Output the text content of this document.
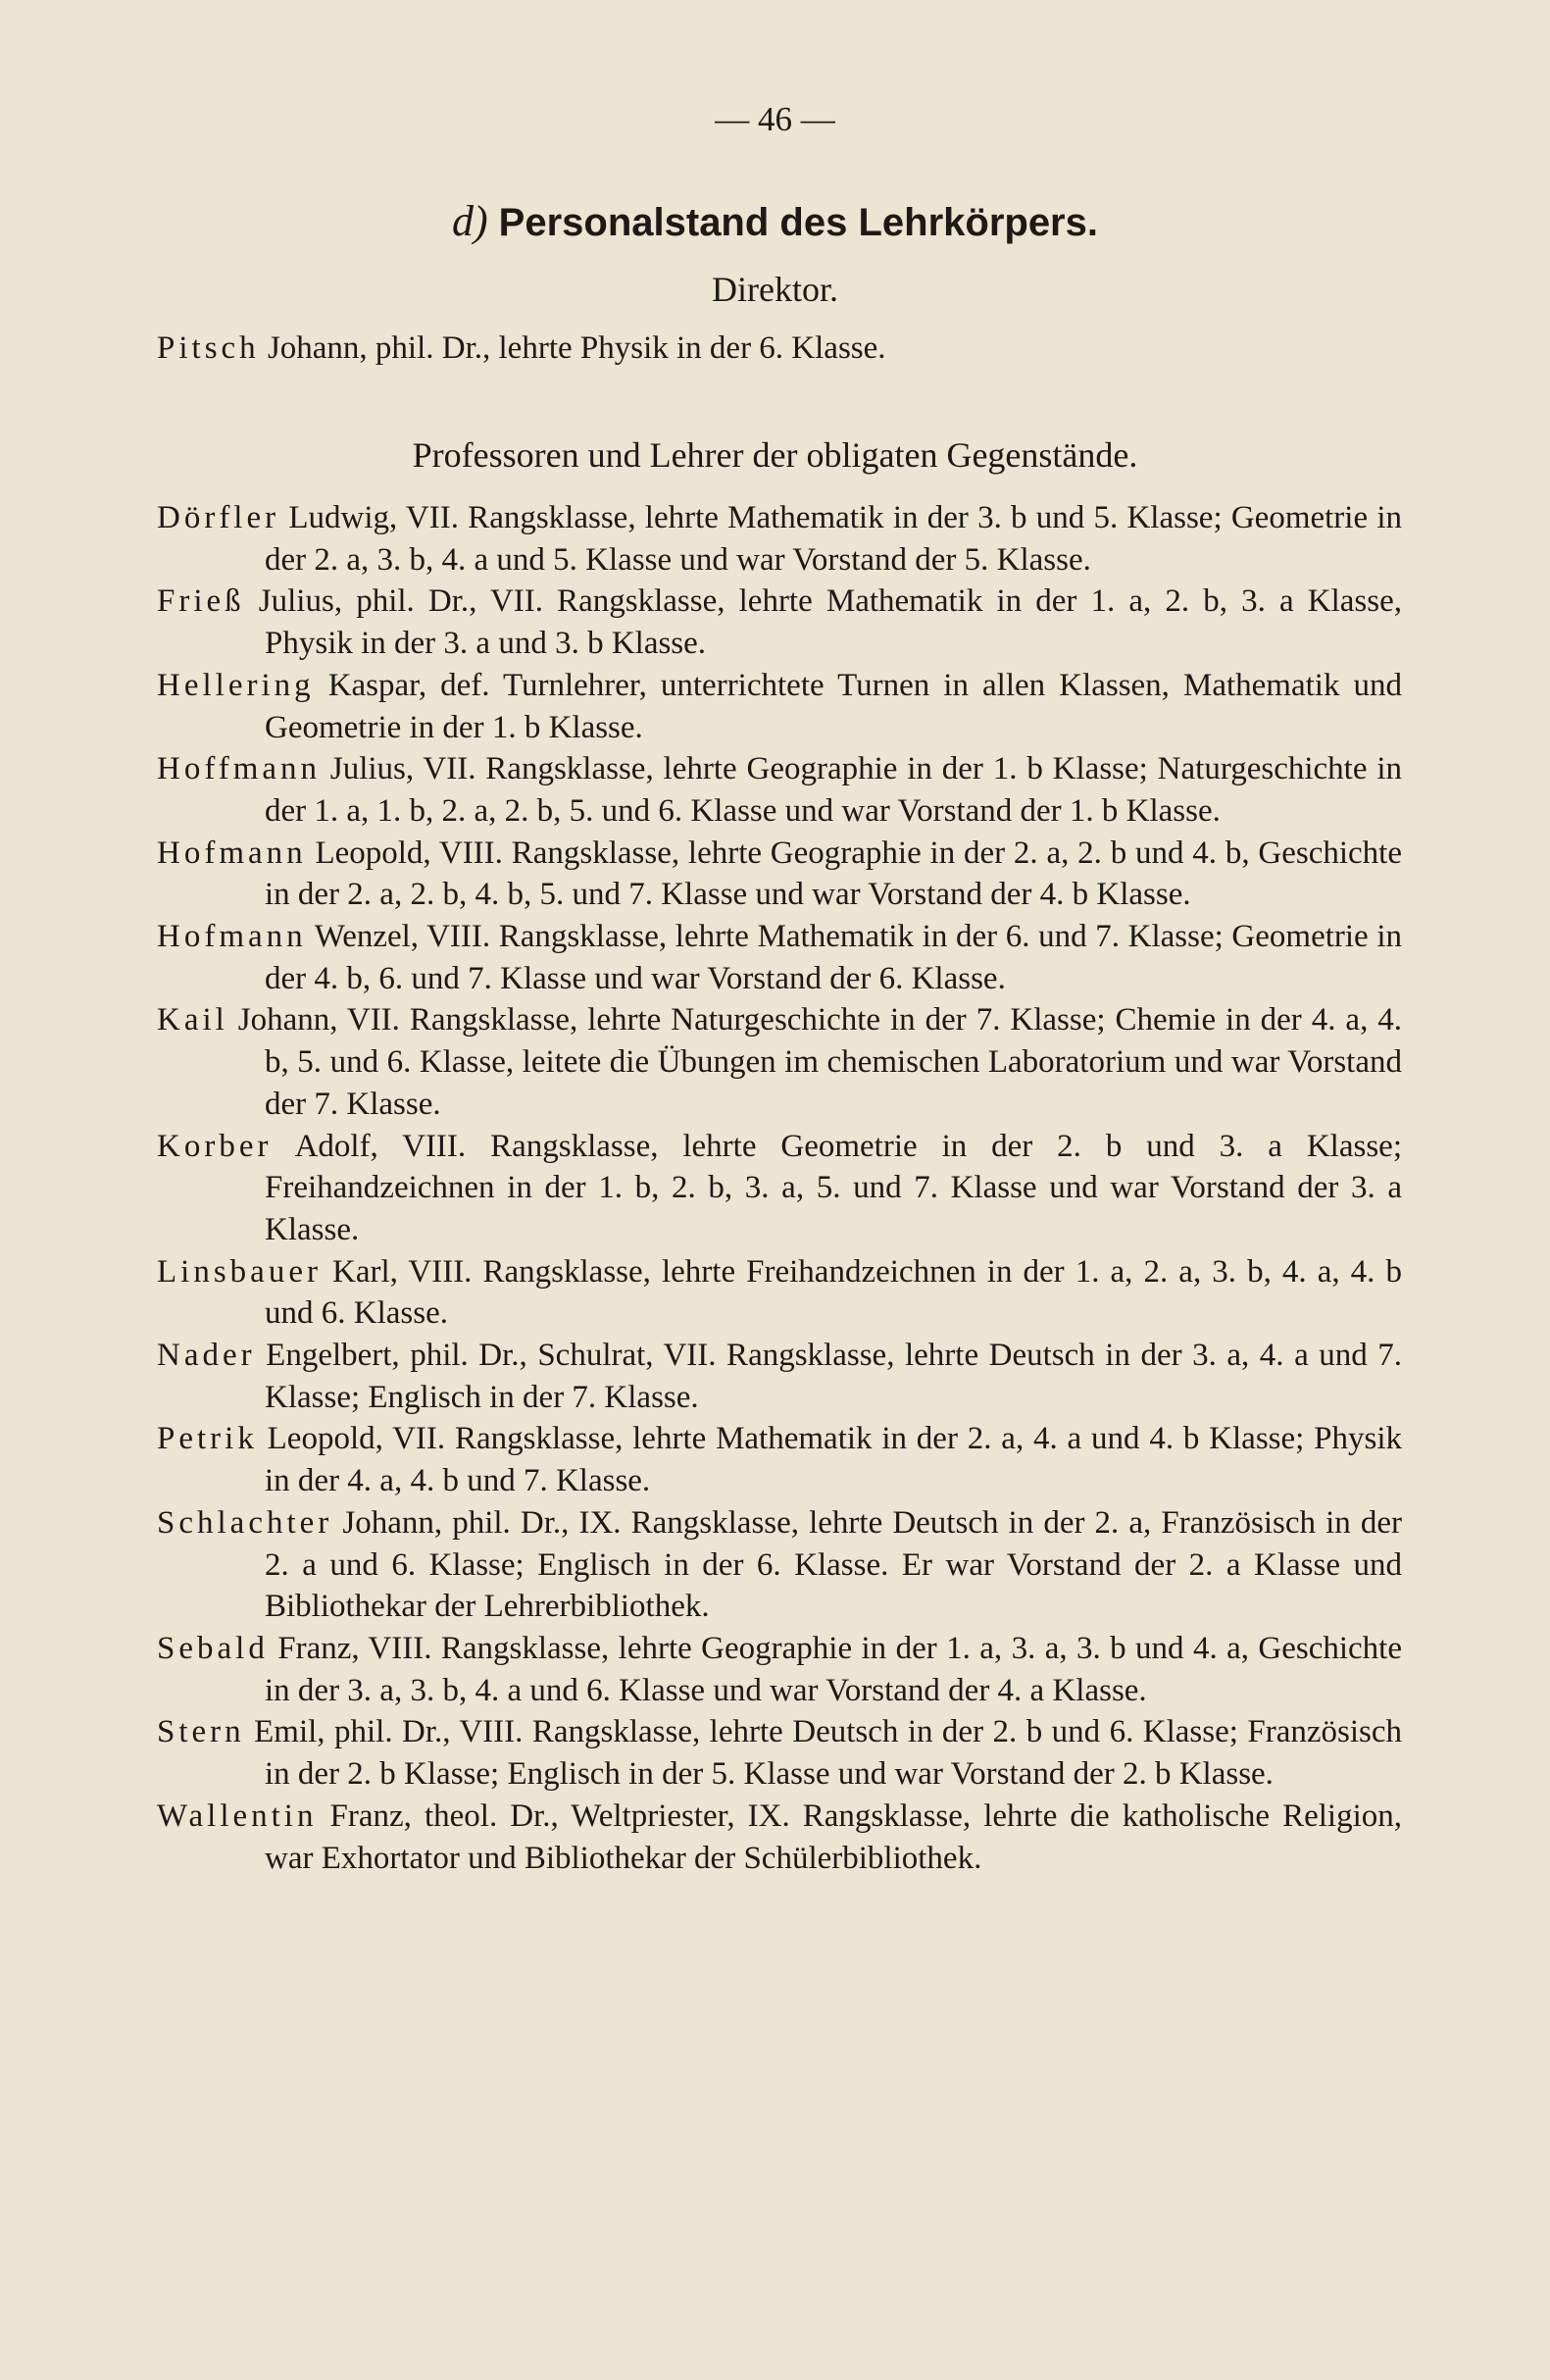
— 46 —
d) Personalstand des Lehrkörpers.
Direktor.
Pitsch Johann, phil. Dr., lehrte Physik in der 6. Klasse.
Professoren und Lehrer der obligaten Gegenstände.
Dörfler Ludwig, VII. Rangsklasse, lehrte Mathematik in der 3. b und 5. Klasse; Geometrie in der 2. a, 3. b, 4. a und 5. Klasse und war Vorstand der 5. Klasse.
Frieß Julius, phil. Dr., VII. Rangsklasse, lehrte Mathematik in der 1. a, 2. b, 3. a Klasse, Physik in der 3. a und 3. b Klasse.
Hellering Kaspar, def. Turnlehrer, unterrichtete Turnen in allen Klassen, Mathematik und Geometrie in der 1. b Klasse.
Hoffmann Julius, VII. Rangsklasse, lehrte Geographie in der 1. b Klasse; Naturgeschichte in der 1. a, 1. b, 2. a, 2. b, 5. und 6. Klasse und war Vorstand der 1. b Klasse.
Hofmann Leopold, VIII. Rangsklasse, lehrte Geographie in der 2. a, 2. b und 4. b, Geschichte in der 2. a, 2. b, 4. b, 5. und 7. Klasse und war Vorstand der 4. b Klasse.
Hofmann Wenzel, VIII. Rangsklasse, lehrte Mathematik in der 6. und 7. Klasse; Geometrie in der 4. b, 6. und 7. Klasse und war Vorstand der 6. Klasse.
Kail Johann, VII. Rangsklasse, lehrte Naturgeschichte in der 7. Klasse; Chemie in der 4. a, 4. b, 5. und 6. Klasse, leitete die Übungen im chemischen Laboratorium und war Vorstand der 7. Klasse.
Korber Adolf, VIII. Rangsklasse, lehrte Geometrie in der 2. b und 3. a Klasse; Freihandzeichnen in der 1. b, 2. b, 3. a, 5. und 7. Klasse und war Vorstand der 3. a Klasse.
Linsbauer Karl, VIII. Rangsklasse, lehrte Freihandzeichnen in der 1. a, 2. a, 3. b, 4. a, 4. b und 6. Klasse.
Nader Engelbert, phil. Dr., Schulrat, VII. Rangsklasse, lehrte Deutsch in der 3. a, 4. a und 7. Klasse; Englisch in der 7. Klasse.
Petrik Leopold, VII. Rangsklasse, lehrte Mathematik in der 2. a, 4. a und 4. b Klasse; Physik in der 4. a, 4. b und 7. Klasse.
Schlachter Johann, phil. Dr., IX. Rangsklasse, lehrte Deutsch in der 2. a, Französisch in der 2. a und 6. Klasse; Englisch in der 6. Klasse. Er war Vorstand der 2. a Klasse und Bibliothekar der Lehrerbibliothek.
Sebald Franz, VIII. Rangsklasse, lehrte Geographie in der 1. a, 3. a, 3. b und 4. a, Geschichte in der 3. a, 3. b, 4. a und 6. Klasse und war Vorstand der 4. a Klasse.
Stern Emil, phil. Dr., VIII. Rangsklasse, lehrte Deutsch in der 2. b und 6. Klasse; Französisch in der 2. b Klasse; Englisch in der 5. Klasse und war Vorstand der 2. b Klasse.
Wallentin Franz, theol. Dr., Weltpriester, IX. Rangsklasse, lehrte die katholische Religion, war Exhortator und Bibliothekar der Schülerbibliothek.
